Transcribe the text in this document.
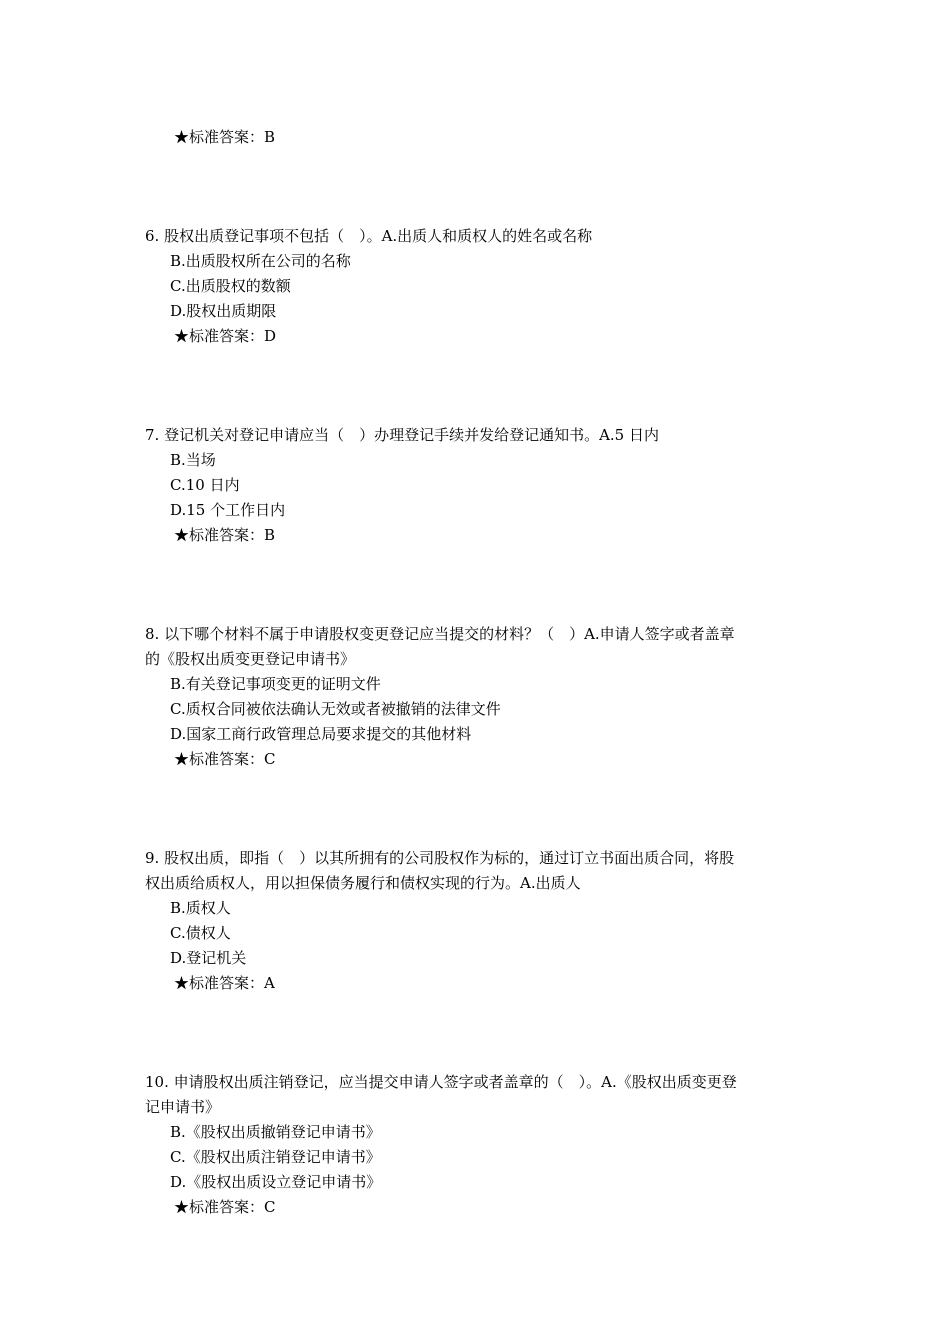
★标准答案：B
6. 股权出质登记事项不包括（　）。A.出质人和质权人的姓名或名称
B.出质股权所在公司的名称
C.出质股权的数额
D.股权出质期限
★标准答案：D
7. 登记机关对登记申请应当（　）办理登记手续并发给登记通知书。A.5 日内
B.当场
C.10 日内
D.15 个工作日内
★标准答案：B
8. 以下哪个材料不属于申请股权变更登记应当提交的材料？（　）A.申请人签字或者盖章
的《股权出质变更登记申请书》
B.有关登记事项变更的证明文件
C.质权合同被依法确认无效或者被撤销的法律文件
D.国家工商行政管理总局要求提交的其他材料
★标准答案：C
9. 股权出质，即指（　）以其所拥有的公司股权作为标的，通过订立书面出质合同，将股
权出质给质权人，用以担保债务履行和债权实现的行为。A.出质人
B.质权人
C.债权人
D.登记机关
★标准答案：A
10. 申请股权出质注销登记，应当提交申请人签字或者盖章的（　）。A.《股权出质变更登
记申请书》
B.《股权出质撤销登记申请书》
C.《股权出质注销登记申请书》
D.《股权出质设立登记申请书》
★标准答案：C
